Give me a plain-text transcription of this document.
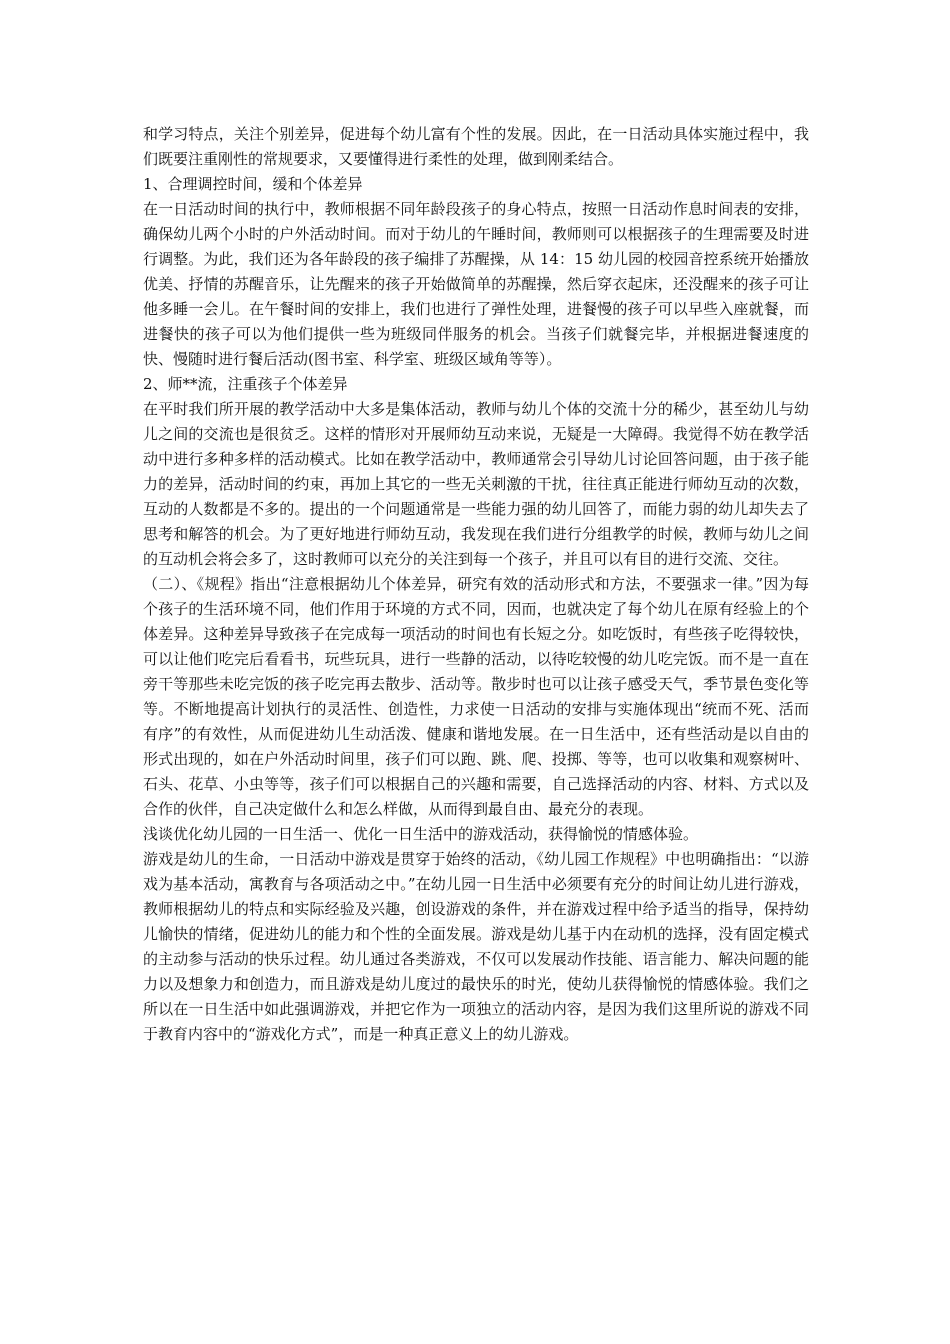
和学习特点，关注个别差异，促进每个幼儿富有个性的发展。因此，在一日活动具体实施过程中，我们既要注重刚性的常规要求，又要懂得进行柔性的处理，做到刚柔结合。

1、合理调控时间，缓和个体差异

在一日活动时间的执行中，教师根据不同年龄段孩子的身心特点，按照一日活动作息时间表的安排，确保幼儿两个小时的户外活动时间。而对于幼儿的午睡时间，教师则可以根据孩子的生理需要及时进行调整。为此，我们还为各年龄段的孩子编排了苏醒操，从 14：15 幼儿园的校园音控系统开始播放优美、抒情的苏醒音乐，让先醒来的孩子开始做简单的苏醒操，然后穿衣起床，还没醒来的孩子可让他多睡一会儿。在午餐时间的安排上，我们也进行了弹性处理，进餐慢的孩子可以早些入座就餐，而进餐快的孩子可以为他们提供一些为班级同伴服务的机会。当孩子们就餐完毕，并根据进餐速度的快、慢随时进行餐后活动(图书室、科学室、班级区域角等等）。

2、师**流，注重孩子个体差异

在平时我们所开展的教学活动中大多是集体活动，教师与幼儿个体的交流十分的稀少，甚至幼儿与幼儿之间的交流也是很贫乏。这样的情形对开展师幼互动来说，无疑是一大障碍。我觉得不妨在教学活动中进行多种多样的活动模式。比如在教学活动中，教师通常会引导幼儿讨论回答问题，由于孩子能力的差异，活动时间的约束，再加上其它的一些无关刺激的干扰，往往真正能进行师幼互动的次数，互动的人数都是不多的。提出的一个问题通常是一些能力强的幼儿回答了，而能力弱的幼儿却失去了思考和解答的机会。为了更好地进行师幼互动，我发现在我们进行分组教学的时候，教师与幼儿之间的互动机会将会多了，这时教师可以充分的关注到每一个孩子，并且可以有目的进行交流、交往。

（二）、《规程》指出“注意根据幼儿个体差异，研究有效的活动形式和方法，不要强求一律。”因为每个孩子的生活环境不同，他们作用于环境的方式不同，因而，也就决定了每个幼儿在原有经验上的个体差异。这种差异导致孩子在完成每一项活动的时间也有长短之分。如吃饭时，有些孩子吃得较快，可以让他们吃完后看看书，玩些玩具，进行一些静的活动，以待吃较慢的幼儿吃完饭。而不是一直在旁干等那些未吃完饭的孩子吃完再去散步、活动等。散步时也可以让孩子感受天气，季节景色变化等等。不断地提高计划执行的灵活性、创造性，力求使一日活动的安排与实施体现出“统而不死、活而有序”的有效性，从而促进幼儿生动活泼、健康和谐地发展。在一日生活中，还有些活动是以自由的形式出现的，如在户外活动时间里，孩子们可以跑、跳、爬、投掷、等等，也可以收集和观察树叶、石头、花草、小虫等等，孩子们可以根据自己的兴趣和需要，自己选择活动的内容、材料、方式以及合作的伙伴，自己决定做什么和怎么样做，从而得到最自由、最充分的表现。

浅谈优化幼儿园的一日生活一、优化一日生活中的游戏活动，获得愉悦的情感体验。

游戏是幼儿的生命，一日活动中游戏是贯穿于始终的活动，《幼儿园工作规程》中也明确指出：“以游戏为基本活动，寓教育与各项活动之中。”在幼儿园一日生活中必须要有充分的时间让幼儿进行游戏，教师根据幼儿的特点和实际经验及兴趣，创设游戏的条件，并在游戏过程中给予适当的指导，保持幼儿愉快的情绪，促进幼儿的能力和个性的全面发展。游戏是幼儿基于内在动机的选择，没有固定模式的主动参与活动的快乐过程。幼儿通过各类游戏，不仅可以发展动作技能、语言能力、解决问题的能力以及想象力和创造力，而且游戏是幼儿度过的最快乐的时光，使幼儿获得愉悦的情感体验。我们之所以在一日生活中如此强调游戏，并把它作为一项独立的活动内容，是因为我们这里所说的游戏不同于教育内容中的“游戏化方式”，而是一种真正意义上的幼儿游戏。
